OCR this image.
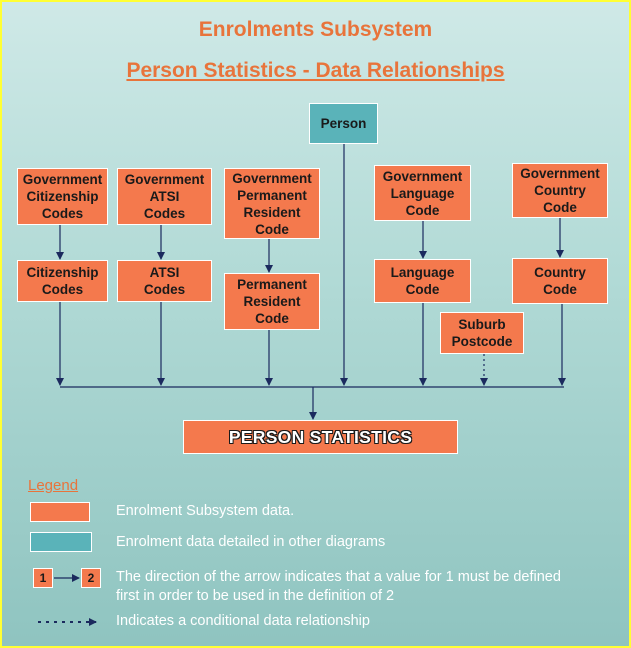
Enrolments Subsystem
Person Statistics - Data Relationships
Person
Government
Citizenship
Codes
Government
ATSI
Codes
Government
Permanent
Resident
Code
Government
Language
Code
Government
Country
Code
Citizenship
Codes
ATSI
Codes	Permanent
Resident
Code
Language
Code
Country
Code
Suburb
Postcode
PERSON STATISTICS
Legend
Enrolment Subsystem data.
Enrolment data detailed in other diagrams
1	2	The direction of the arrow indicates that a value for 1 must be defined first in order to be used in the definition of 2
Indicates a conditional data relationship
